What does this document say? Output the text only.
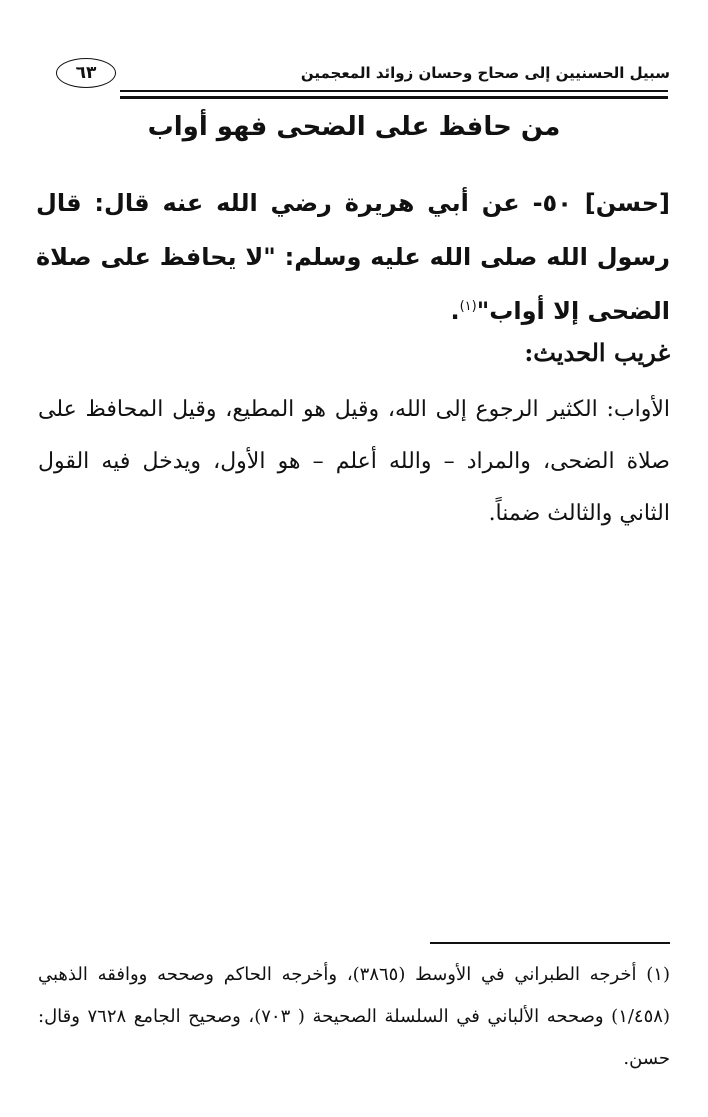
سبيل الحسنيين إلى صحاح وحسان زوائد المعجمين
٦٣
من حافظ على الضحى فهو أواب

[حسن] ٥٠- عن أبي هريرة رضي الله عنه قال: قال رسول الله صلى الله عليه وسلم: "لا يحافظ على صلاة الضحى إلا أواب"$^{(١)}$.

غريب الحديث:

الأواب: الكثير الرجوع إلى الله، وقيل هو المطيع، وقيل المحافظ على صلاة الضحى، والمراد – والله أعلم – هو الأول، ويدخل فيه القول الثاني والثالث ضمناً.

(١) أخرجه الطبراني في الأوسط (٣٨٦٥)، وأخرجه الحاكم وصححه ووافقه الذهبي (١/٤٥٨) وصححه الألباني في السلسلة الصحيحة ( ٧٠٣)، وصحيح الجامع ٧٦٢٨ وقال: حسن.
